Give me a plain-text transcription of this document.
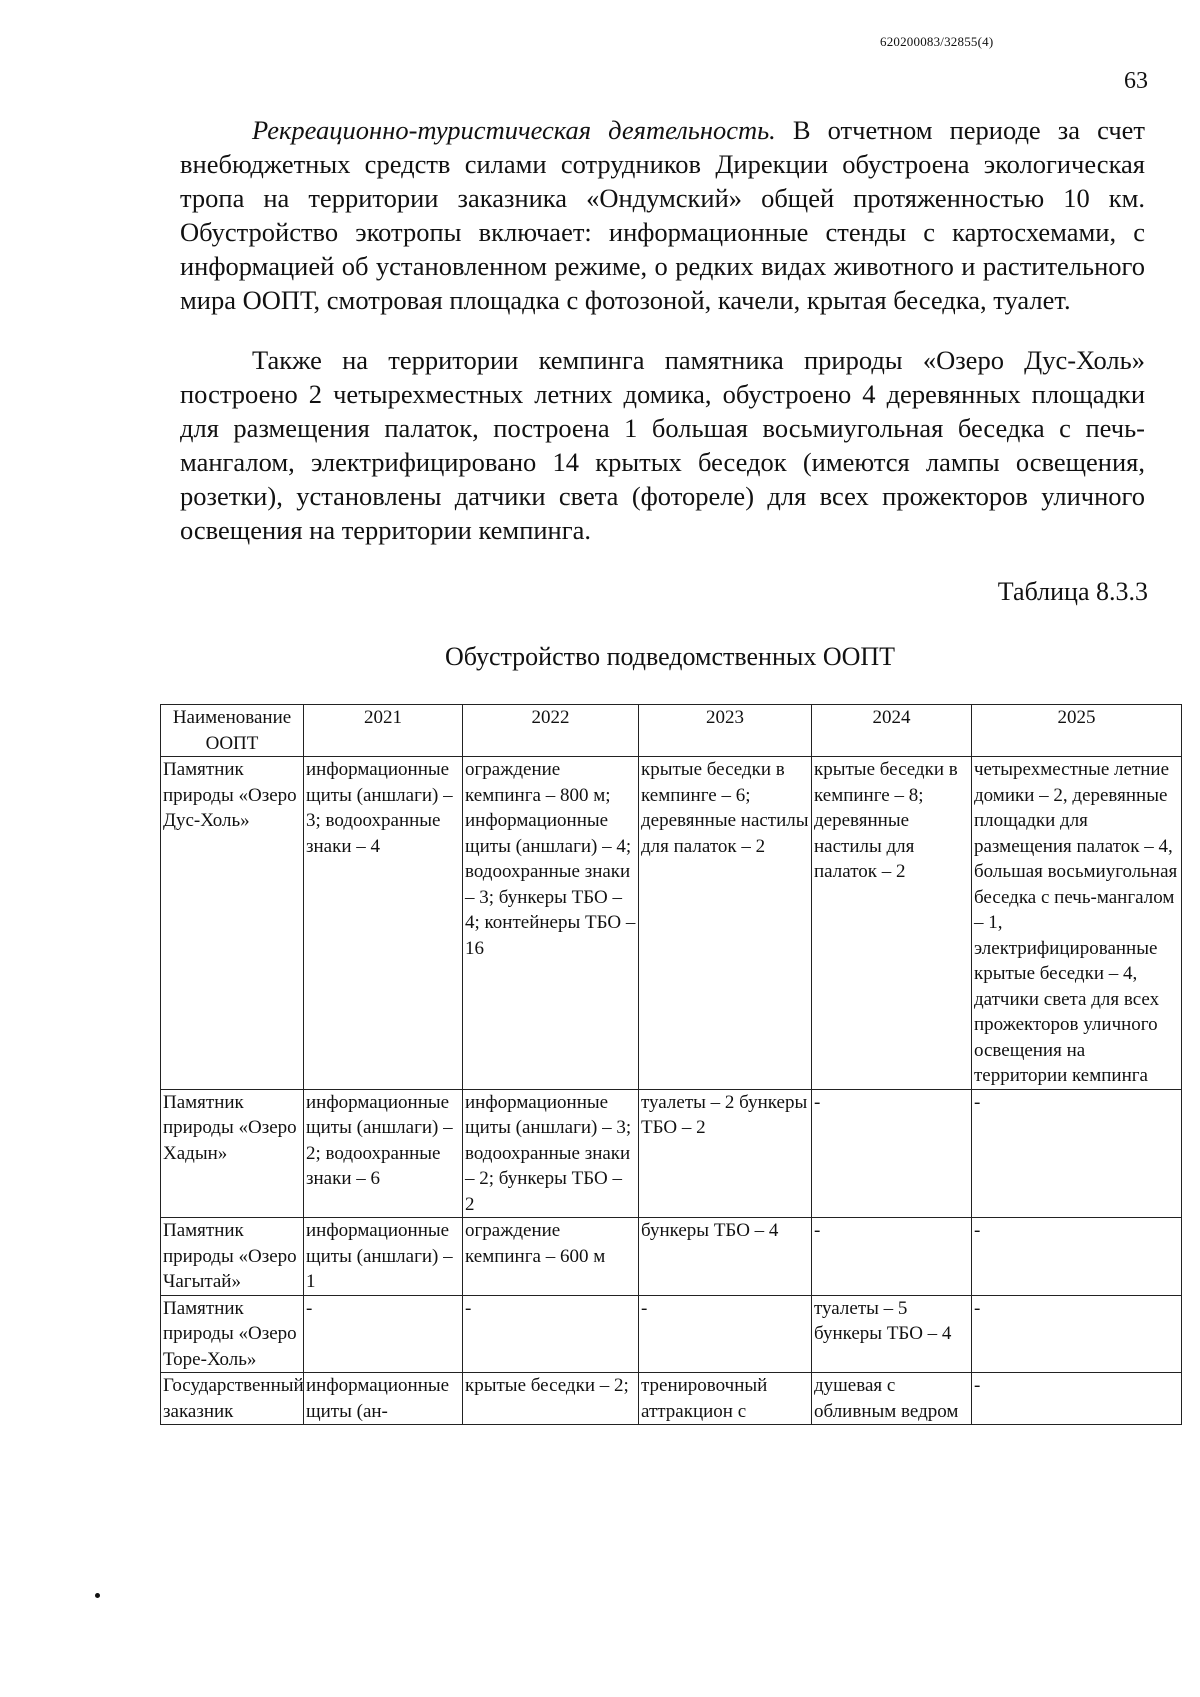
620200083/32855(4)
63

Рекреационно-туристическая деятельность. В отчетном периоде за счет внебюджетных средств силами сотрудников Дирекции обустроена экологическая тропа на территории заказника «Ондумский» общей протяженностью 10 км. Обустройство экотропы включает: информационные стенды с картосхемами, с информацией об установленном режиме, о редких видах животного и растительного мира ООПТ, смотровая площадка с фотозоной, качели, крытая беседка, туалет.

Также на территории кемпинга памятника природы «Озеро Дус-Холь» построено 2 четырехместных летних домика, обустроено 4 деревянных площадки для размещения палаток, построена 1 большая восьмиугольная беседка с печь-мангалом, электрифицировано 14 крытых беседок (имеются лампы освещения, розетки), установлены датчики света (фотореле) для всех прожекторов уличного освещения на территории кемпинга.

Таблица 8.3.3
Обустройство подведомственных ООПТ
Наименование ООПТ	2021	2022	2023	2024	2025
Памятник природы «Озеро Дус-Холь»	информационные щиты (аншлаги) – 3; водоохранные знаки – 4	ограждение кемпинга – 800 м; информационные щиты (аншлаги) – 4; водоохранные знаки – 3; бункеры ТБО – 4; контейнеры ТБО – 16	крытые беседки в кемпинге – 6; деревянные настилы для палаток – 2	крытые беседки в кемпинге – 8; деревянные настилы для палаток – 2	четырехместные летние домики – 2, деревянные площадки для размещения палаток – 4, большая восьмиугольная беседка с печь-мангалом – 1, электрифицированные крытые беседки – 4, датчики света для всех прожекторов уличного освещения на территории кемпинга
Памятник природы «Озеро Хадын»	информационные щиты (аншлаги) – 2; водоохранные знаки – 6	информационные щиты (аншлаги) – 3; водоохранные знаки – 2; бункеры ТБО – 2	туалеты – 2 бункеры ТБО – 2	-	-
Памятник природы «Озеро Чагытай»	информационные щиты (аншлаги) – 1	ограждение кемпинга – 600 м	бункеры ТБО – 4	-	-
Памятник природы «Озеро Торе-Холь»	-	-	-	туалеты – 5 бункеры ТБО – 4	-
Государственный заказник	информационные щиты (ан-	крытые беседки – 2;	тренировочный аттракцион с	душевая с обливным ведром	-
